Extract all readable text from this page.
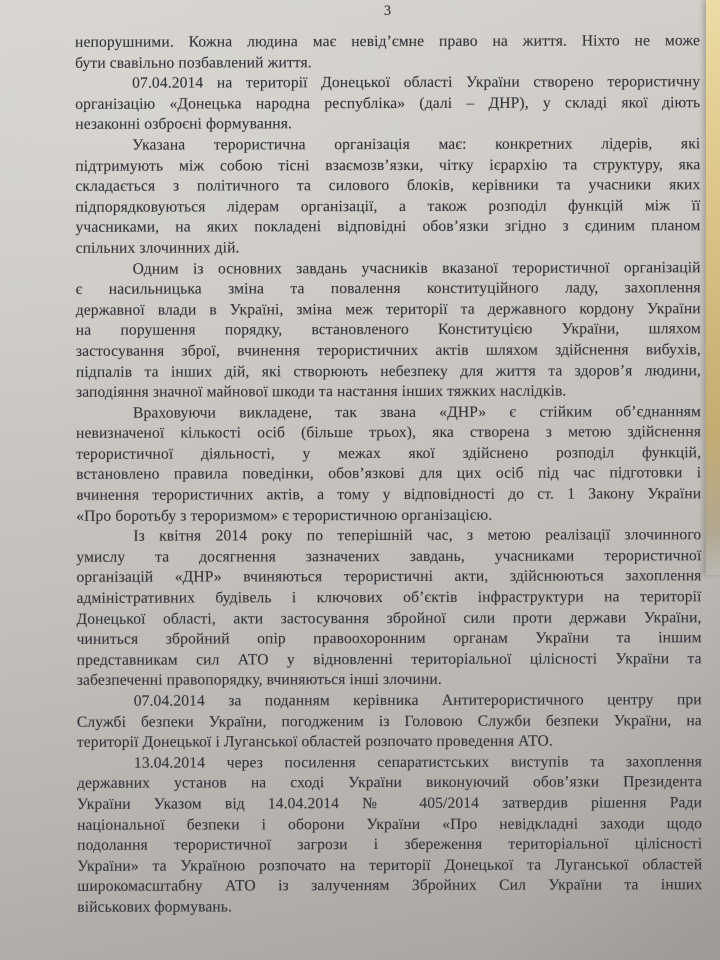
3
непорушними. Кожна людина має невід’ємне право на життя. Ніхто не може
бути свавільно позбавлений життя.
07.04.2014 на території Донецької області України створено терористичну
організацію «Донецька народна республіка» (далі – ДНР), у складі якої діють
незаконні озброєні формування.
Указана терористична організація має: конкретних лідерів, які
підтримують між собою тісні взаємозв’язки, чітку ієрархію та структуру, яка
складається з політичного та силового блоків, керівники та учасники яких
підпорядковуються лідерам організації, а також розподіл функцій між її
учасниками, на яких покладені відповідні обов’язки згідно з єдиним планом
спільних злочинних дій.
Одним із основних завдань учасників вказаної терористичної організацій
є насильницька зміна та повалення конституційного ладу, захоплення
державної влади в Україні, зміна меж території та державного кордону України
на порушення порядку, встановленого Конституцією України, шляхом
застосування зброї, вчинення терористичних актів шляхом здійснення вибухів,
підпалів та інших дій, які створюють небезпеку для життя та здоров’я людини,
заподіяння значної майнової шкоди та настання інших тяжких наслідків.
Враховуючи викладене, так звана «ДНР» є стійким об’єднанням
невизначеної кількості осіб (більше трьох), яка створена з метою здійснення
терористичної діяльності, у межах якої здійснено розподіл функцій,
встановлено правила поведінки, обов’язкові для цих осіб під час підготовки і
вчинення терористичних актів, а тому у відповідності до ст. 1 Закону України
«Про боротьбу з тероризмом» є терористичною організацією.
Із квітня 2014 року по теперішній час, з метою реалізації злочинного
умислу та досягнення зазначених завдань, учасниками терористичної
організацій «ДНР» вчиняються терористичні акти, здійснюються захоплення
адміністративних будівель і ключових об’єктів інфраструктури на території
Донецької області, акти застосування збройної сили проти держави України,
чиниться збройний опір правоохоронним органам України та іншим
представникам сил АТО у відновленні територіальної цілісності України та
забезпеченні правопорядку, вчиняються інші злочини.
07.04.2014 за поданням керівника Антитерористичного центру при
Службі безпеки України, погодженим із Головою Служби безпеки України, на
території Донецької і Луганської областей розпочато проведення АТО.
13.04.2014 через посилення сепаратистських виступів та захоплення
державних установ на сході України виконуючий обов’язки Президента
України Указом від 14.04.2014 № 405/2014 затвердив рішення Ради
національної безпеки і оборони України «Про невідкладні заходи щодо
подолання терористичної загрози і збереження територіальної цілісності
України» та Україною розпочато на території Донецької та Луганської областей
широкомасштабну АТО із залученням Збройних Сил України та інших
військових формувань.
